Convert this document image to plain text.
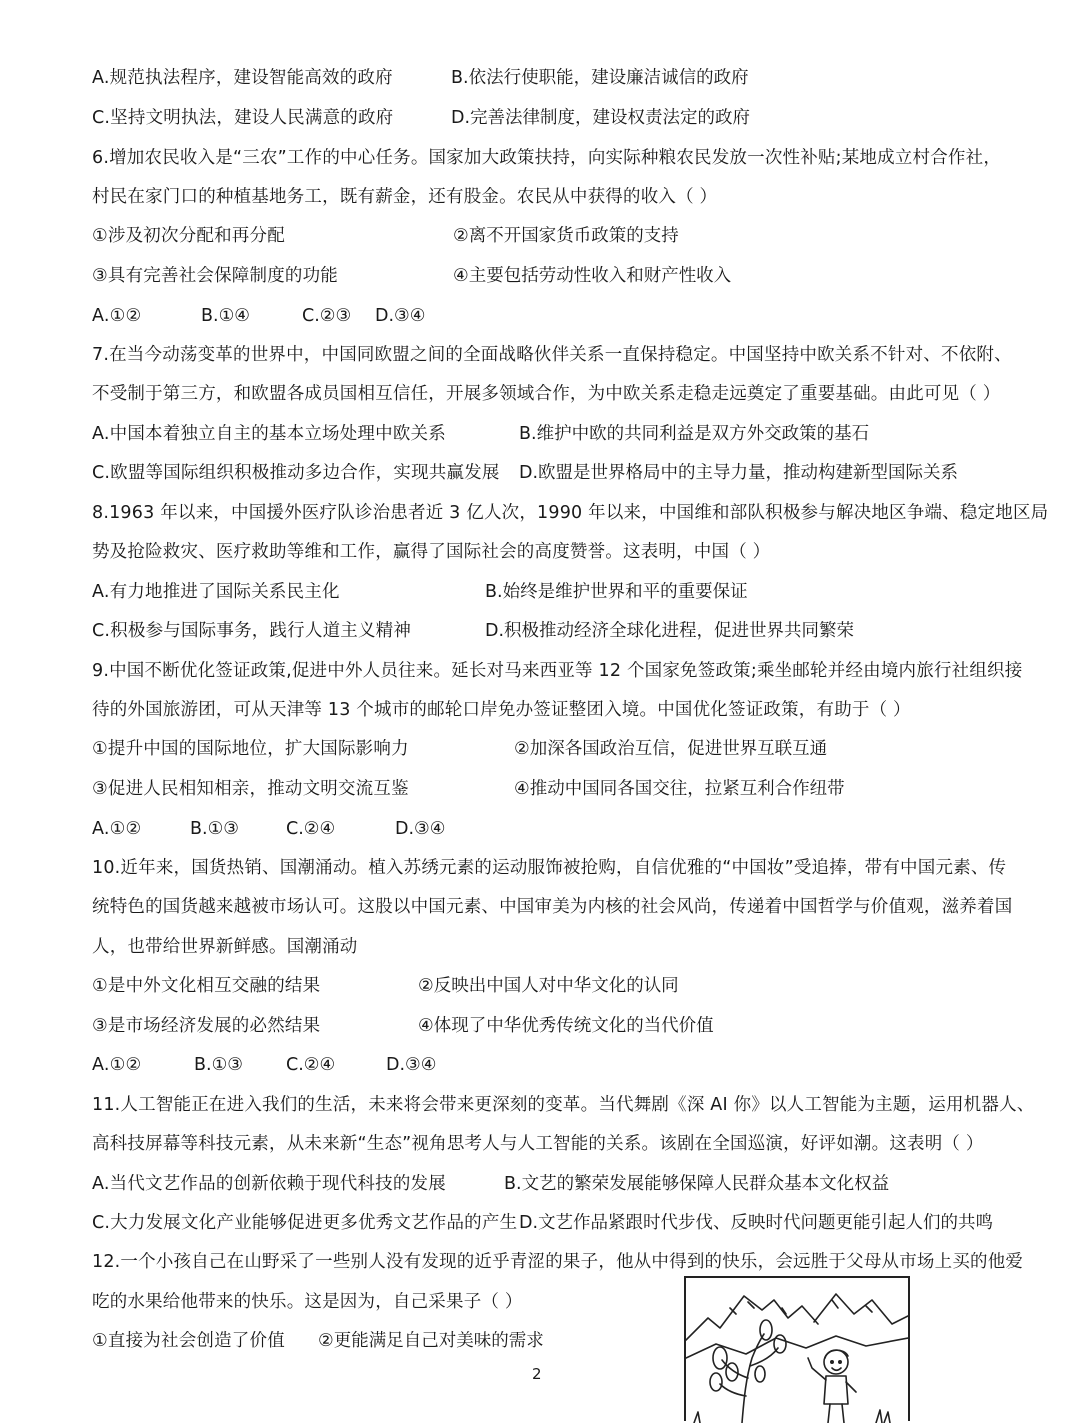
A.规范执法程序，建设智能高效的政府	B.依法行使职能，建设廉洁诚信的政府
C.坚持文明执法，建设人民满意的政府	D.完善法律制度，建设权责法定的政府
6.增加农民收入是“三农”工作的中心任务。国家加大政策扶持，向实际种粮农民发放一次性补贴;某地成立村合作社，
村民在家门口的种植基地务工，既有薪金，还有股金。农民从中获得的收入（ ）
①涉及初次分配和再分配	②离不开国家货币政策的支持
③具有完善社会保障制度的功能	④主要包括劳动性收入和财产性收入
A.①②	B.①④	C.②③ D.③④
7.在当今动荡变革的世界中，中国同欧盟之间的全面战略伙伴关系一直保持稳定。中国坚持中欧关系不针对、不依附、
不受制于第三方，和欧盟各成员国相互信任，开展多领域合作，为中欧关系走稳走远奠定了重要基础。由此可见（ ）
A.中国本着独立自主的基本立场处理中欧关系	B.维护中欧的共同利益是双方外交政策的基石
C.欧盟等国际组织积极推动多边合作，实现共赢发展 D.欧盟是世界格局中的主导力量，推动构建新型国际关系
8.1963 年以来，中国援外医疗队诊治患者近 3 亿人次，1990 年以来，中国维和部队积极参与解决地区争端、稳定地区局
势及抢险救灾、医疗救助等维和工作，赢得了国际社会的高度赞誉。这表明，中国（ ）
A.有力地推进了国际关系民主化	B.始终是维护世界和平的重要保证
C.积极参与国际事务，践行人道主义精神	D.积极推动经济全球化进程，促进世界共同繁荣
9.中国不断优化签证政策,促进中外人员往来。延长对马来西亚等 12 个国家免签政策;乘坐邮轮并经由境内旅行社组织接
待的外国旅游团，可从天津等 13 个城市的邮轮口岸免办签证整团入境。中国优化签证政策，有助于（ ）
①提升中国的国际地位，扩大国际影响力	②加深各国政治互信，促进世界互联互通
③促进人民相知相亲，推动文明交流互鉴	④推动中国同各国交往，拉紧互利合作纽带
A.①②	B.①③	C.②④	D.③④
10.近年来，国货热销、国潮涌动。植入苏绣元素的运动服饰被抢购，自信优雅的“中国妆”受追捧，带有中国元素、传
统特色的国货越来越被市场认可。这股以中国元素、中国审美为内核的社会风尚，传递着中国哲学与价值观，滋养着国
人，也带给世界新鲜感。国潮涌动
①是中外文化相互交融的结果	②反映出中国人对中华文化的认同
③是市场经济发展的必然结果	④体现了中华优秀传统文化的当代价值
A.①②	B.①③ C.②④	D.③④
11.人工智能正在进入我们的生活，未来将会带来更深刻的变革。当代舞剧《深 AI 你》以人工智能为主题，运用机器人、
高科技屏幕等科技元素，从未来新“生态”视角思考人与人工智能的关系。该剧在全国巡演，好评如潮。这表明（ ）
A.当代文艺作品的创新依赖于现代科技的发展	B.文艺的繁荣发展能够保障人民群众基本文化权益
C.大力发展文化产业能够促进更多优秀文艺作品的产生 D.文艺作品紧跟时代步伐、反映时代问题更能引起人们的共鸣
12.一个小孩自己在山野采了一些别人没有发现的近乎青涩的果子，他从中得到的快乐，会远胜于父母从市场上买的他爱
吃的水果给他带来的快乐。这是因为，自己采果子（ ）
①直接为社会创造了价值 ②更能满足自己对美味的需求
2
